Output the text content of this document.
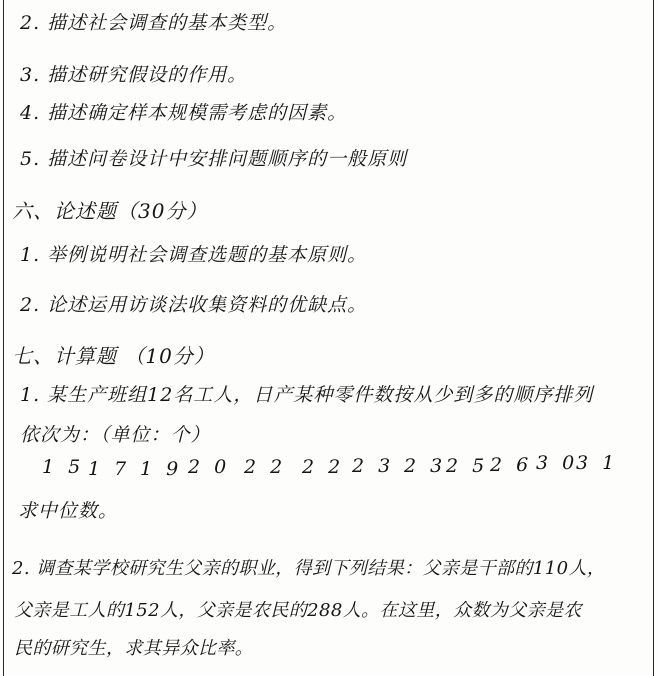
2. 描述社会调查的基本类型。
3. 描述研究假设的作用。
4. 描述确定样本规模需考虑的因素。
5. 描述问卷设计中安排问题顺序的一般原则
六、论述题（30分）
1. 举例说明社会调查选题的基本原则。
2. 论述运用访谈法收集资料的优缺点。
七、计算题 （10分）
1. 某生产班组12名工人，日产某种零件数按从少到多的顺序排列
依次为：（单位：个）
15
17 19
20 22 22
23 23
25
26
30
31
求中位数。
2. 调查某学校研究生父亲的职业，得到下列结果：父亲是干部的110人，
父亲是工人的152人，父亲是农民的288人。在这里，众数为父亲是农
民的研究生，求其异众比率。
